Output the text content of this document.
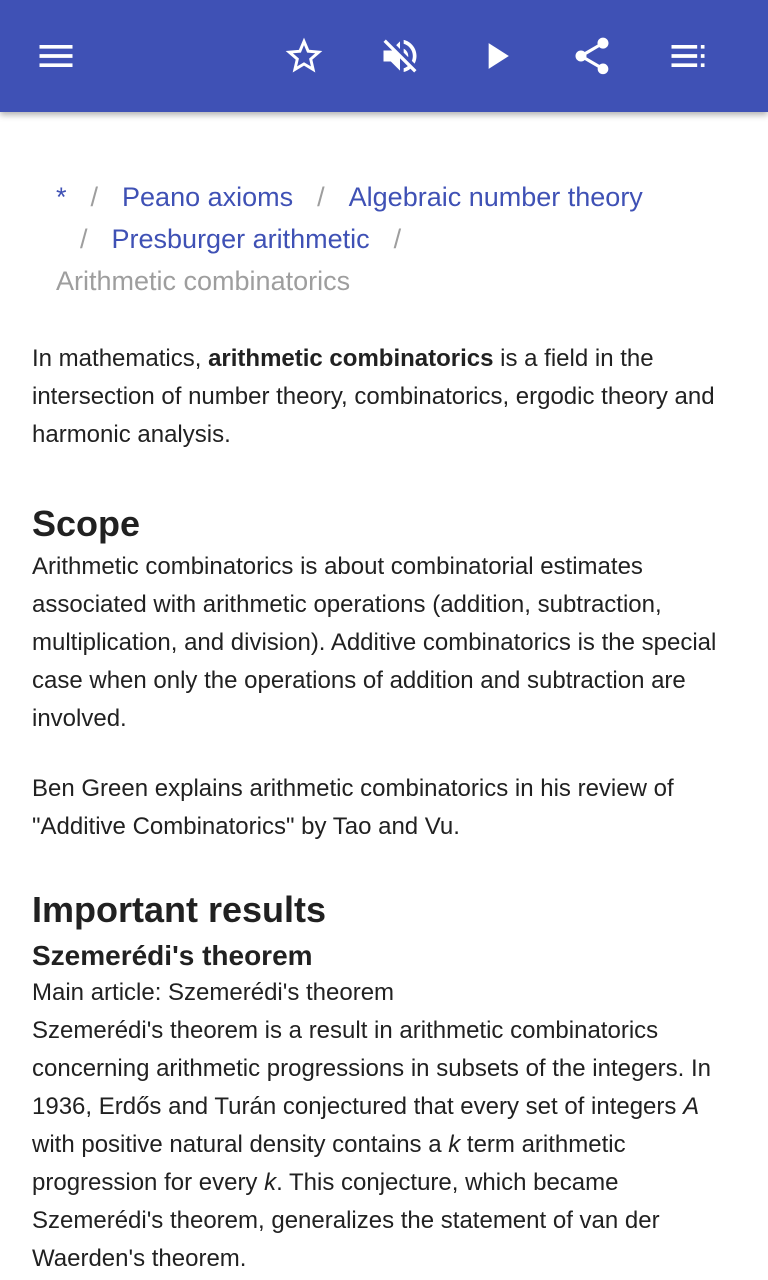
* / Peano axioms / Algebraic number theory
/ Presburger arithmetic /
Arithmetic combinatorics

In mathematics, arithmetic combinatorics is a field in the intersection of number theory, combinatorics, ergodic theory and harmonic analysis.

Scope

Arithmetic combinatorics is about combinatorial estimates associated with arithmetic operations (addition, subtraction, multiplication, and division). Additive combinatorics is the special case when only the operations of addition and subtraction are involved.

Ben Green explains arithmetic combinatorics in his review of "Additive Combinatorics" by Tao and Vu.

Important results
Szemerédi's theorem

Main article: Szemerédi's theorem

Szemerédi's theorem is a result in arithmetic combinatorics concerning arithmetic progressions in subsets of the integers. In 1936, Erdős and Turán conjectured that every set of integers A with positive natural density contains a k term arithmetic progression for every k. This conjecture, which became Szemerédi's theorem, generalizes the statement of van der Waerden's theorem.
